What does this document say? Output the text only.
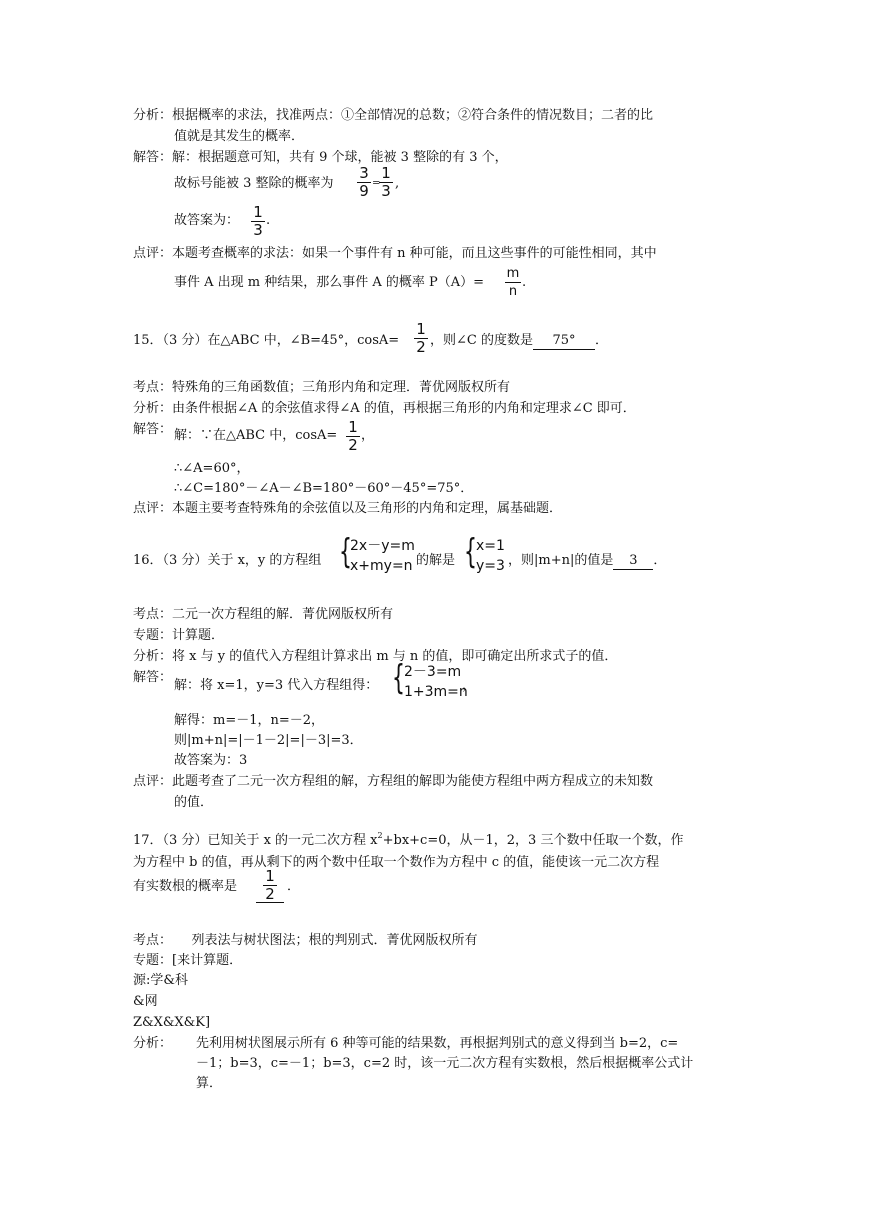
分析：根据概率的求法，找准两点：①全部情况的总数；②符合条件的情况数目；二者的比
值就是其发生的概率．
解答：解：根据题意可知，共有 9 个球，能被 3 整除的有 3 个，
故标号能被 3 整除的概率为
3
9 =
1
3 ,
故答案为： 1
3
.
点评：本题考查概率的求法：如果一个事件有 n 种可能，而且这些事件的可能性相同，其中
事件 A 出现 m 种结果，那么事件 A 的概率 P（A）=
m
n
.
15．（3 分）在△ABC 中，∠B=45°，cosA=
1
2 ，则∠C 的度数是 75° ．
考点：特殊角的三角函数值；三角形内角和定理．菁优网版权所有
分析：由条件根据∠A 的余弦值求得∠A 的值，再根据三角形的内角和定理求∠C 即可．
解答： 解：∵在△ABC 中，cosA= 1
2
，
∴∠A=60°，
∴∠C=180°－∠A－∠B=180°－60°－45°=75°．
点评：本题主要考查特殊角的余弦值以及三角形的内角和定理，属基础题．
16．（3 分）关于 x，y 的方程组 {
2x－y=m
x+my=n 的解是 { x=1
y=3 ，则|m+n|的值是 3 ．
考点：二元一次方程组的解．菁优网版权所有
专题：计算题．
分析：将 x 与 y 的值代入方程组计算求出 m 与 n 的值，即可确定出所求式子的值．
解答：
解：将 x=1，y=3 代入方程组得： { 2－3=m
1+3m=n
，
解得：m=－1，n=－2，
则|m+n|=|－1－2|=|－3|=3．
故答案为：3
点评：此题考查了二元一次方程组的解，方程组的解即为能使方程组中两方程成立的未知数
的值．
17．（3 分）已知关于 x 的一元二次方程 $x^2+bx+c=0$，从－1，2，3 三个数中任取一个数，作
为方程中 b 的值，再从剩下的两个数中任取一个数作为方程中 c 的值，能使该一元二次方程
有实数根的概率是
1
2 ．
考点：　　列表法与树状图法；根的判别式．菁优网版权所有
专题：[来计算题．
源:学&科
&网
Z&X&X&K]
分析： 先利用树状图展示所有 6 种等可能的结果数，再根据判别式的意义得到当 b=2，c=
－1；b=3，c=－1；b=3，c=2 时，该一元二次方程有实数根，然后根据概率公式计
算．
